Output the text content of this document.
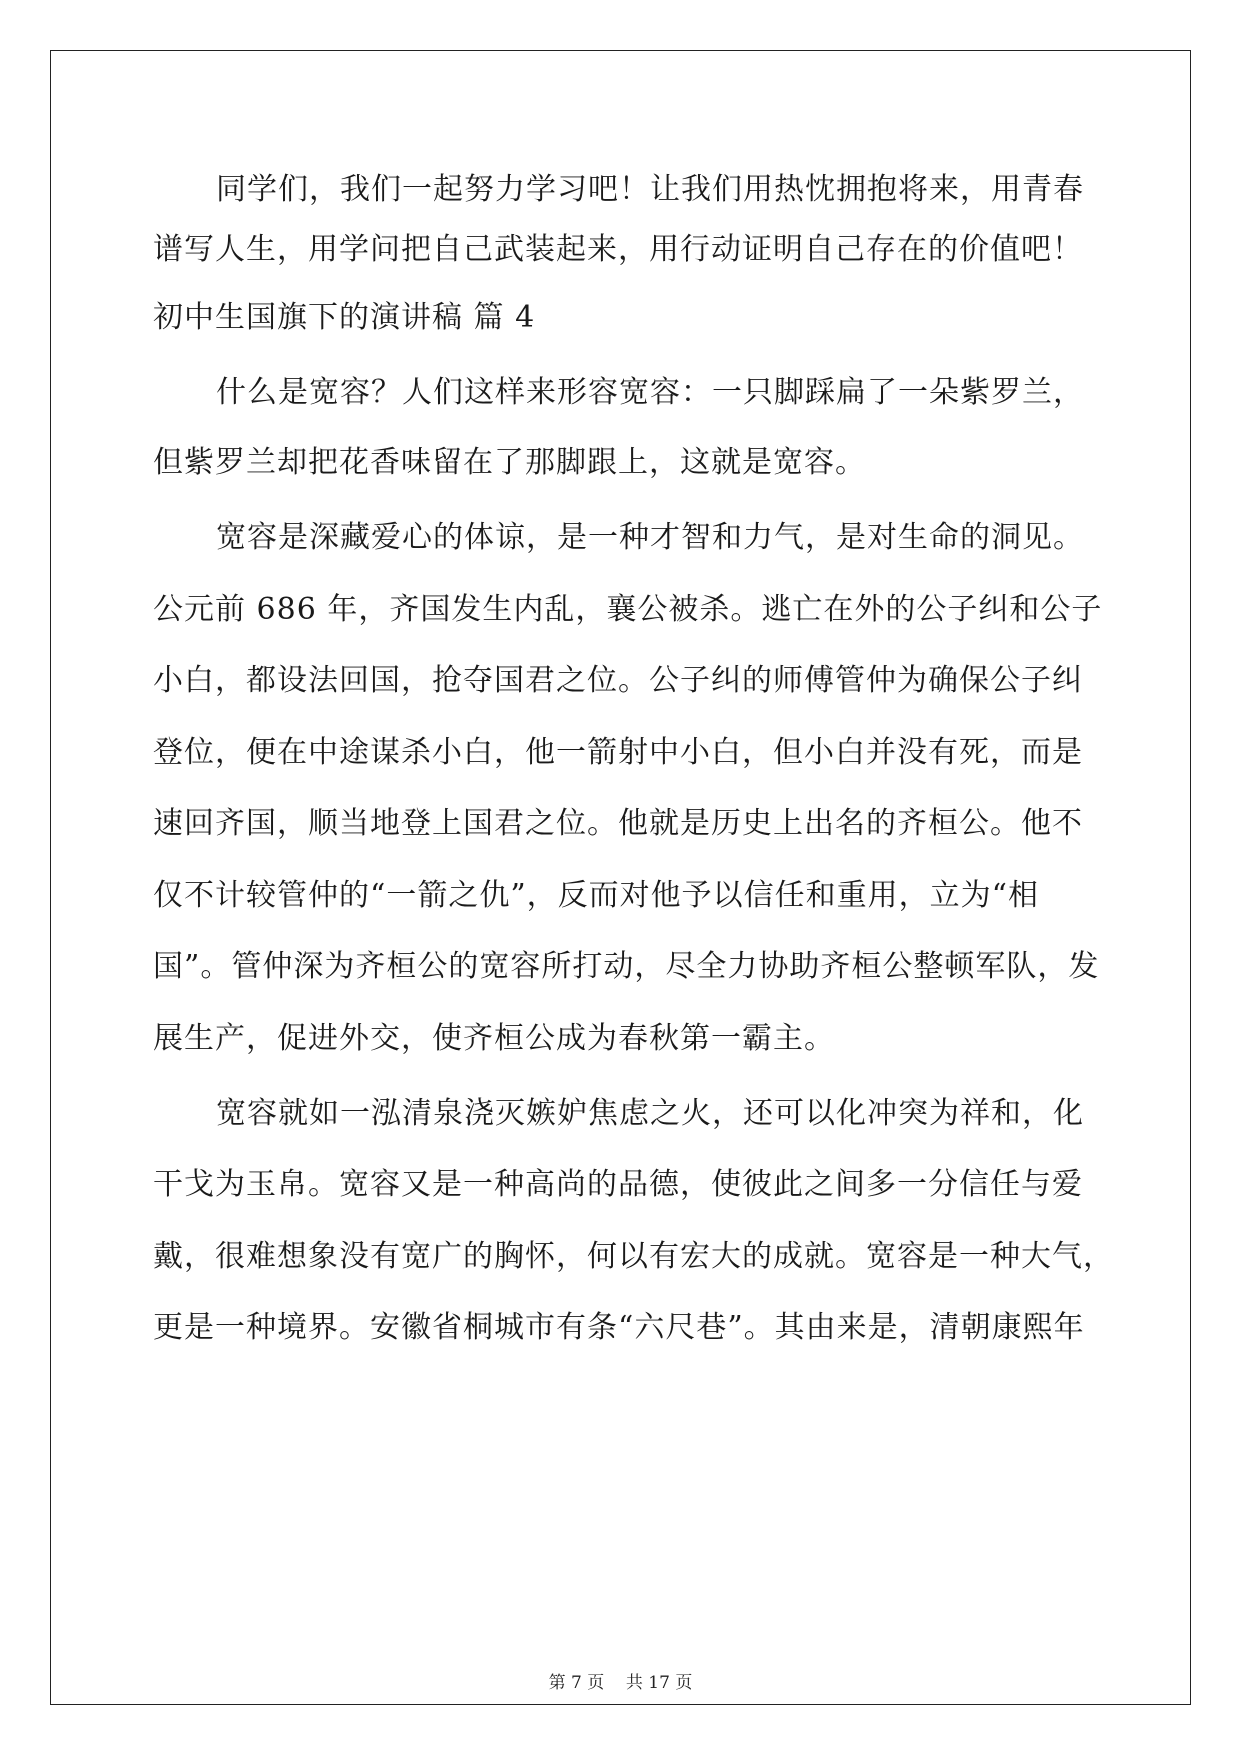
同学们，我们一起努力学习吧！让我们用热忱拥抱将来，用青春
谱写人生，用学问把自己武装起来，用行动证明自己存在的价值吧！
初中生国旗下的演讲稿 篇 4
什么是宽容？人们这样来形容宽容：一只脚踩扁了一朵紫罗兰，
但紫罗兰却把花香味留在了那脚跟上，这就是宽容。
宽容是深藏爱心的体谅，是一种才智和力气，是对生命的洞见。
公元前 686 年，齐国发生内乱，襄公被杀。逃亡在外的公子纠和公子
小白，都设法回国，抢夺国君之位。公子纠的师傅管仲为确保公子纠
登位，便在中途谋杀小白，他一箭射中小白，但小白并没有死，而是
速回齐国，顺当地登上国君之位。他就是历史上出名的齐桓公。他不
仅不计较管仲的“一箭之仇”，反而对他予以信任和重用，立为“相
国”。管仲深为齐桓公的宽容所打动，尽全力协助齐桓公整顿军队，发
展生产，促进外交，使齐桓公成为春秋第一霸主。
宽容就如一泓清泉浇灭嫉妒焦虑之火，还可以化冲突为祥和，化
干戈为玉帛。宽容又是一种高尚的品德，使彼此之间多一分信任与爱
戴，很难想象没有宽广的胸怀，何以有宏大的成就。宽容是一种大气，
更是一种境界。安徽省桐城市有条“六尺巷”。其由来是，清朝康熙年
第 7 页    共 17 页
